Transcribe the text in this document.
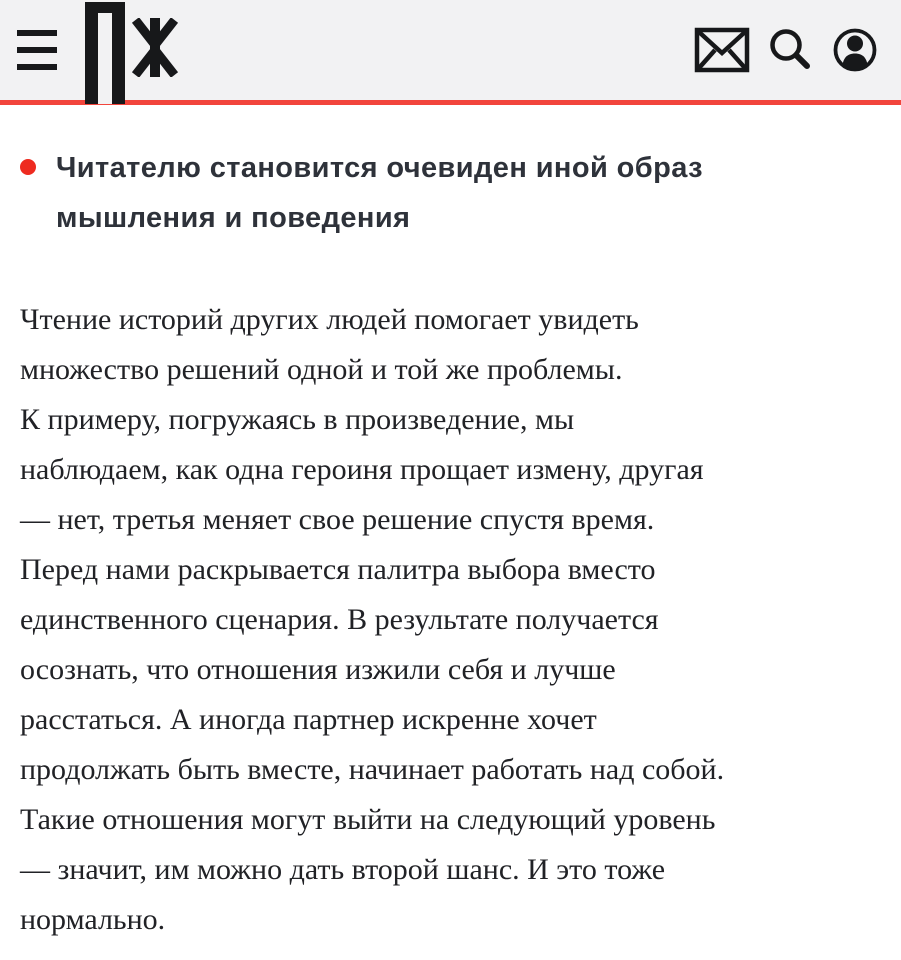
Читателю становится очевиден иной образ
мышления и поведения

Чтение историй других людей помогает увидеть
множество решений одной и той же проблемы.

К примеру, погружаясь в произведение, мы
наблюдаем, как одна героиня прощает измену, другая
— нет, третья меняет свое решение спустя время.

Перед нами раскрывается палитра выбора вместо
единственного сценария. В результате получается
осознать, что отношения изжили себя и лучше
расстаться. А иногда партнер искренне хочет
продолжать быть вместе, начинает работать над собой.
Такие отношения могут выйти на следующий уровень
— значит, им можно дать второй шанс. И это тоже
нормально.
